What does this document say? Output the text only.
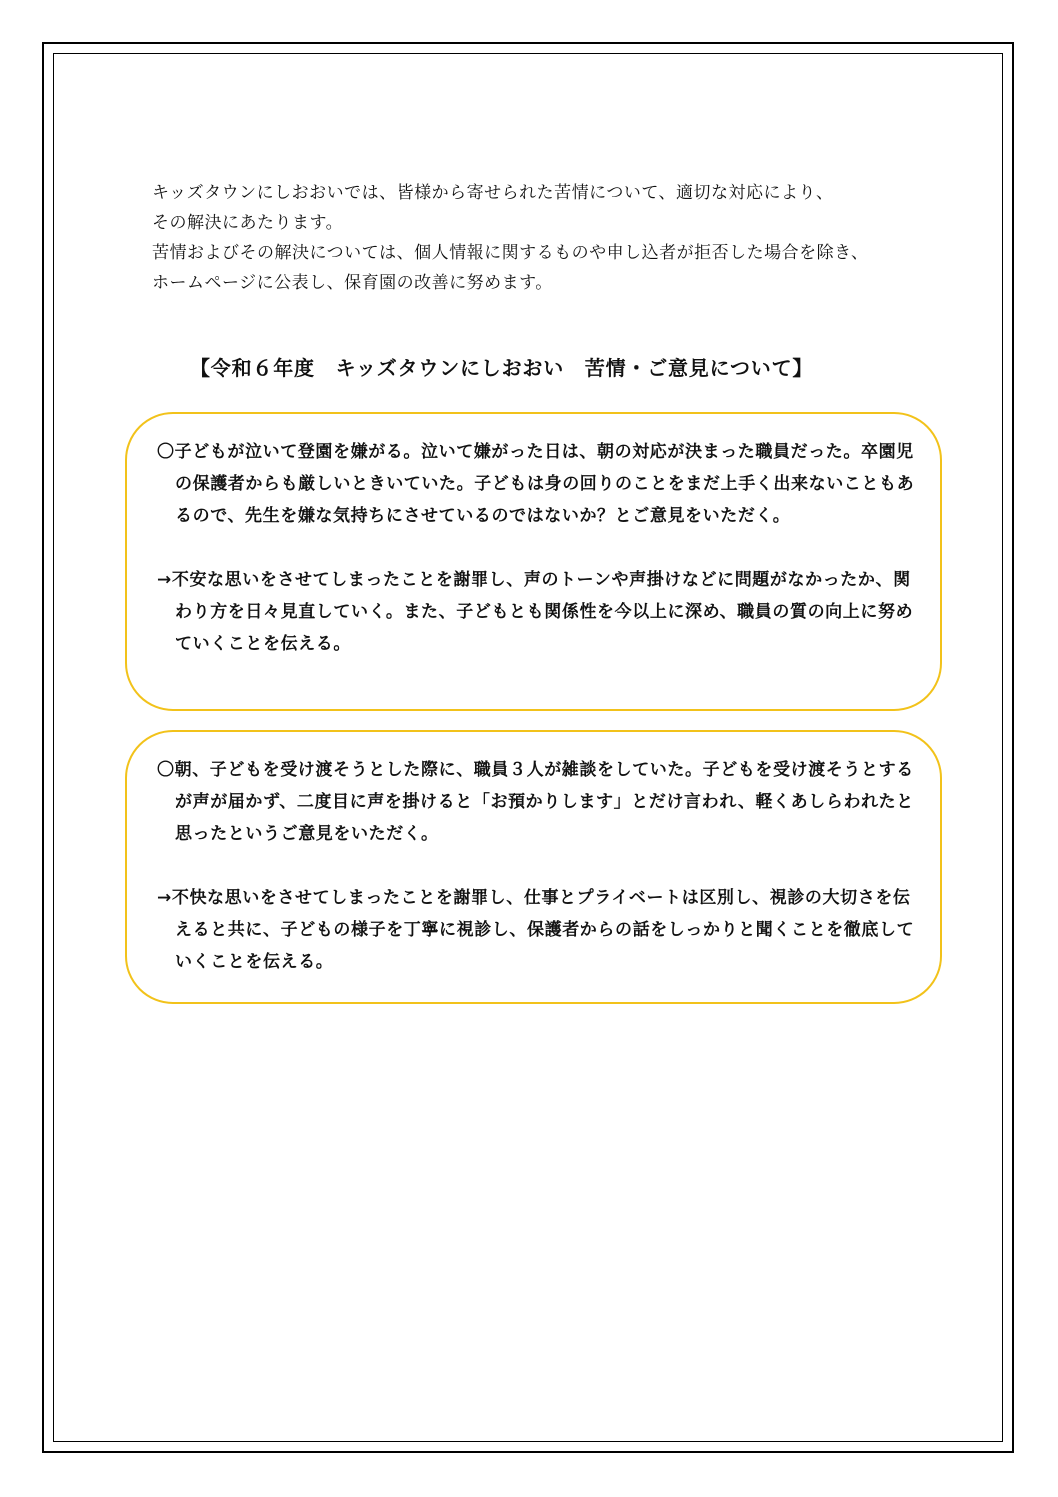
キッズタウンにしおおいでは、皆様から寄せられた苦情について、適切な対応により、

その解決にあたります。

苦情およびその解決については、個人情報に関するものや申し込者が拒否した場合を除き、

ホームページに公表し、保育園の改善に努めます。

【令和６年度　キッズタウンにしおおい　苦情・ご意見について】

〇子どもが泣いて登園を嫌がる。泣いて嫌がった日は、朝の対応が決まった職員だった。卒園児の保護者からも厳しいときいていた。子どもは身の回りのことをまだ上手く出来ないこともあるので、先生を嫌な気持ちにさせているのではないか？とご意見をいただく。

→不安な思いをさせてしまったことを謝罪し、声のトーンや声掛けなどに問題がなかったか、関わり方を日々見直していく。また、子どもとも関係性を今以上に深め、職員の質の向上に努めていくことを伝える。

〇朝、子どもを受け渡そうとした際に、職員３人が雑談をしていた。子どもを受け渡そうとするが声が届かず、二度目に声を掛けると「お預かりします」とだけ言われ、軽くあしらわれたと思ったというご意見をいただく。

→不快な思いをさせてしまったことを謝罪し、仕事とプライベートは区別し、視診の大切さを伝えると共に、子どもの様子を丁寧に視診し、保護者からの話をしっかりと聞くことを徹底していくことを伝える。
